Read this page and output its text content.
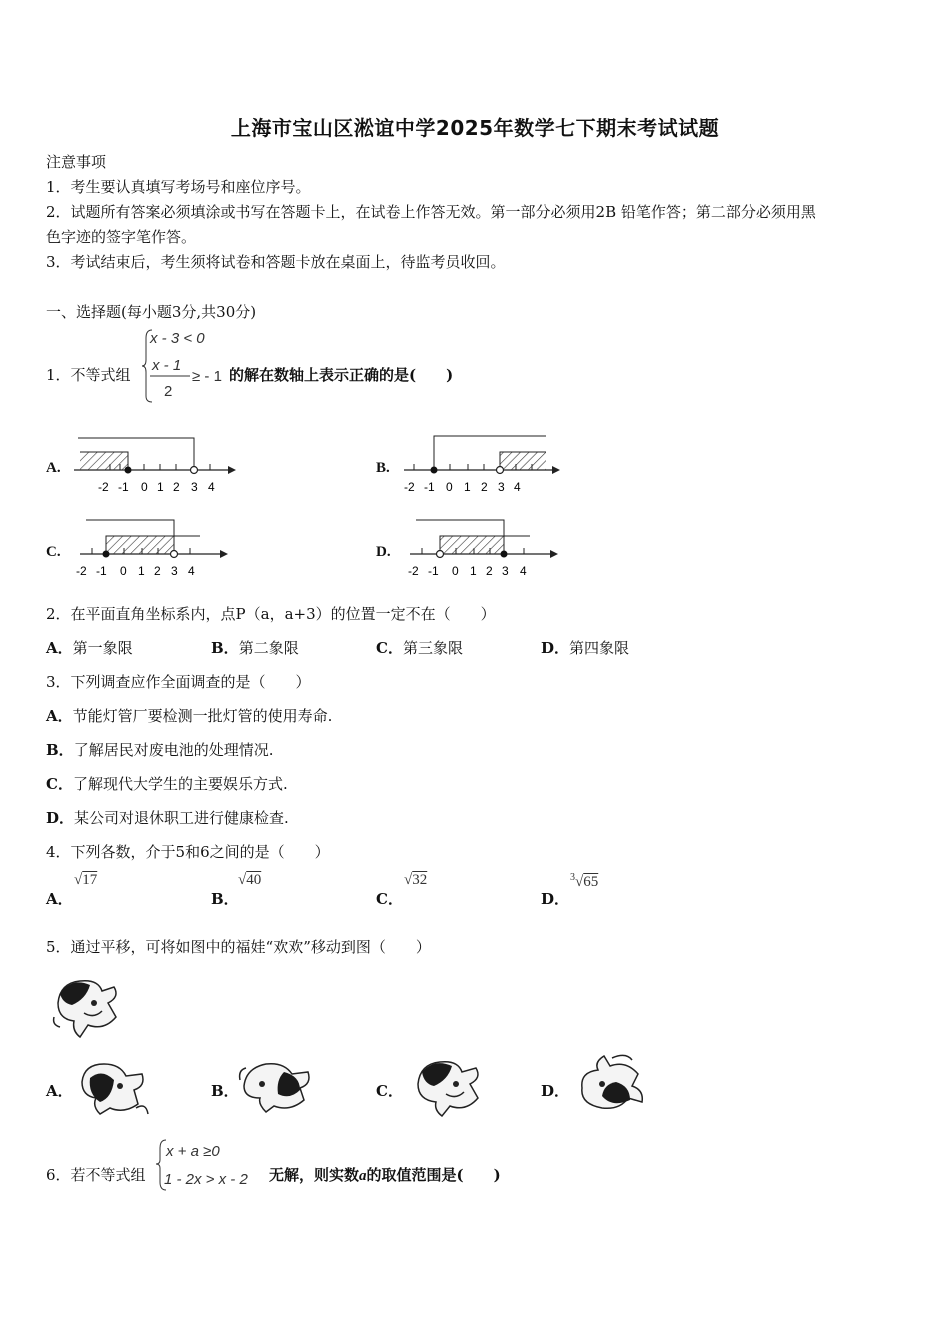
上海市宝山区淞谊中学2025年数学七下期末考试试题
注意事项
1．考生要认真填写考场号和座位序号。
2．试题所有答案必须填涂或书写在答题卡上，在试卷上作答无效。第一部分必须用2B 铅笔作答；第二部分必须用黑
色字迹的签字笔作答。
3．考试结束后，考生须将试卷和答题卡放在桌面上，待监考员收回。
一、选择题(每小题3分,共30分)
1．不等式组
x - 3 < 0
x - 1
2
≥ - 1 的解在数轴上表示正确的是(　　)
A.	B.
C.	D.
-2 -1 0 1 2 3 4	-2 -1 0 1 2 3 4
-2 -1 0 1 2 3 4	-2 -1 0 1 2 3 4
2．在平面直角坐标系内，点P（a，a+3）的位置一定不在（　　）
A．第一象限	B．第二象限	C．第三象限	D．第四象限
3．下列调查应作全面调查的是（　　）
A．节能灯管厂要检测一批灯管的使用寿命.
B．了解居民对废电池的处理情况.
C．了解现代大学生的主要娱乐方式.
D．某公司对退休职工进行健康检查.
4．下列各数，介于5和6之间的是（　　）
A．
√17
B．
√40
C．
√32
D．
$^3$√65
5．通过平移，可将如图中的福娃“欢欢”移动到图（　　）
A．	B．	C．	D．
6．若不等式组
x + a ≥0
1 - 2x > x - 2 无解，则实数a的取值范围是(　　)
